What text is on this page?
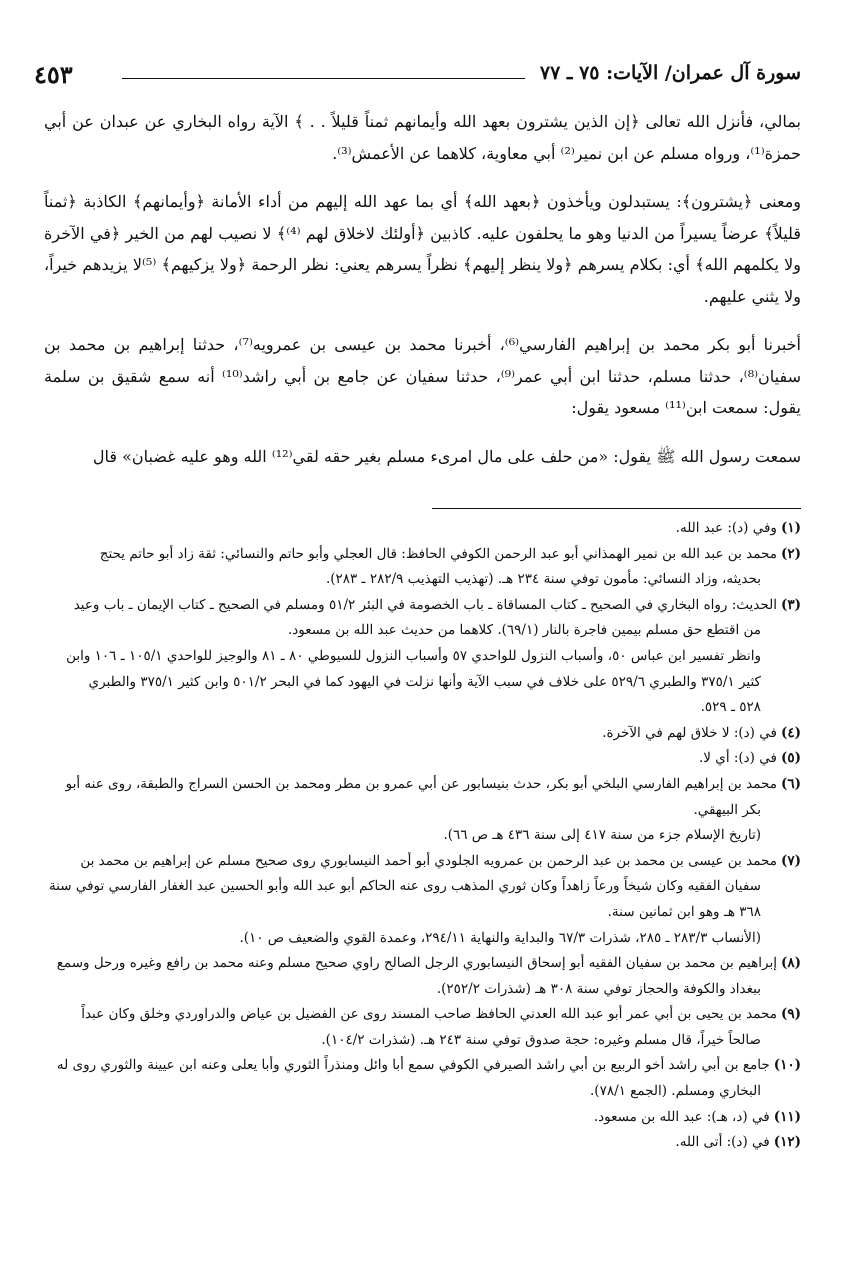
سورة آل عمران/ الآيات: ٧٥ ـ ٧٧
٤٥٣

بمالي، فأنزل الله تعالى ﴿إن الذين يشترون بعهد الله وأيمانهم ثمناً قليلاً . . ﴾ الآية رواه البخاري عن عبدان عن أبي حمزة⁽¹⁾، ورواه مسلم عن ابن نمير⁽²⁾ أبي معاوية، كلاهما عن الأعمش⁽³⁾.

ومعنى ﴿يشترون﴾: يستبدلون ويأخذون ﴿بعهد الله﴾ أي بما عهد الله إليهم من أداء الأمانة ﴿وأيمانهم﴾ الكاذبة ﴿ثمناً قليلاً﴾ عرضاً يسيراً من الدنيا وهو ما يحلفون عليه. كاذبين ﴿أولئك لاخلاق لهم ⁽⁴⁾﴾ لا نصيب لهم من الخير ﴿في الآخرة ولا يكلمهم الله﴾ أي: بكلام يسرهم ﴿ولا ينظر إليهم﴾ نظراً يسرهم يعني: نظر الرحمة ﴿ولا يزكيهم﴾ ⁽⁵⁾لا يزيدهم خيراً، ولا يثني عليهم.

أخبرنا أبو بكر محمد بن إبراهيم الفارسي⁽⁶⁾، أخبرنا محمد بن عيسى بن عمرويه⁽⁷⁾، حدثنا إبراهيم بن محمد بن سفيان⁽⁸⁾، حدثنا مسلم، حدثنا ابن أبي عمر⁽⁹⁾، حدثنا سفيان عن جامع بن أبي راشد⁽¹⁰⁾ أنه سمع شقيق بن سلمة يقول: سمعت ابن⁽¹¹⁾ مسعود يقول:

سمعت رسول الله ﷺ يقول: «من حلف على مال امرىء مسلم بغير حقه لقي⁽¹²⁾ الله وهو عليه غضبان» قال

(١)وفي (د): عبد الله.
(٢)محمد بن عبد الله بن نمير الهمذاني أبو عبد الرحمن الكوفي الحافظ: قال العجلي وأبو حاتم والنسائي: ثقة زاد أبو حاتم يحتج
بحديثه، وزاد النسائي: مأمون توفي سنة ٢٣٤ هـ. (تهذيب التهذيب ٢٨٢/٩ ـ ٢٨٣).
(٣)الحديث: رواه البخاري في الصحيح ـ كتاب المساقاة ـ باب الخصومة في البئر ٥١/٢ ومسلم في الصحيح ـ كتاب الإيمان ـ باب وعيد
من اقتطع حق مسلم بيمين فاجرة بالنار (٦٩/١). كلاهما من حديث عبد الله بن مسعود.
وانظر تفسير ابن عباس ٥٠، وأسباب النزول للواحدي ٥٧ وأسباب النزول للسيوطي ٨٠ ـ ٨١ والوجيز للواحدي ١٠٥/١ ـ ١٠٦ وابن
كثير ٣٧٥/١ والطبري ٥٢٩/٦ على خلاف في سبب الآية وأنها نزلت في اليهود كما في البحر ٥٠١/٢ وابن كثير ٣٧٥/١ والطبري
٥٢٨ ـ ٥٢٩.
(٤)في (د): لا خلاق لهم في الآخرة.
(٥)في (د): أي لا.
(٦)محمد بن إبراهيم الفارسي البلخي أبو بكر، حدث بنيسابور عن أبي عمرو بن مطر ومحمد بن الحسن السراج والطبقة، روى عنه أبو
بكر البيهقي.
(تاريخ الإسلام جزء من سنة ٤١٧ إلى سنة ٤٣٦ هـ ص ٦٦).
(٧)محمد بن عيسى بن محمد بن عبد الرحمن بن عمرويه الجلودي أبو أحمد النيسابوري روى صحيح مسلم عن إبراهيم بن محمد بن
سفيان الفقيه وكان شيخاً ورعاً زاهداً وكان ثوري المذهب روى عنه الحاكم أبو عبد الله وأبو الحسين عبد الغفار الفارسي توفي سنة
٣٦٨ هـ وهو ابن ثمانين سنة.
(الأنساب ٢٨٣/٣ ـ ٢٨٥، شذرات ٦٧/٣ والبداية والنهاية ٢٩٤/١١، وعمدة القوي والضعيف ص ١٠).
(٨)إبراهيم بن محمد بن سفيان الفقيه أبو إسحاق النيسابوري الرجل الصالح راوي صحيح مسلم وعنه محمد بن رافع وغيره ورحل وسمع
ببغداد والكوفة والحجاز توفي سنة ٣٠٨ هـ (شذرات ٢٥٢/٢).
(٩)محمد بن يحيى بن أبي عمر أبو عبد الله العدني الحافظ صاحب المسند روى عن الفضيل بن عياض والدراوردي وخلق وكان عبداً
صالحاً خيراً، قال مسلم وغيره: حجة صدوق توفي سنة ٢٤٣ هـ. (شذرات ١٠٤/٢).
(١٠)جامع بن أبي راشد أخو الربيع بن أبي راشد الصيرفي الكوفي سمع أبا وائل ومنذراً الثوري وأبا يعلى وعنه ابن عيينة والثوري روى له
البخاري ومسلم. (الجمع ٧٨/١).
(١١)في (د، هـ): عبد الله بن مسعود.
(١٢)في (د): أتى الله.
